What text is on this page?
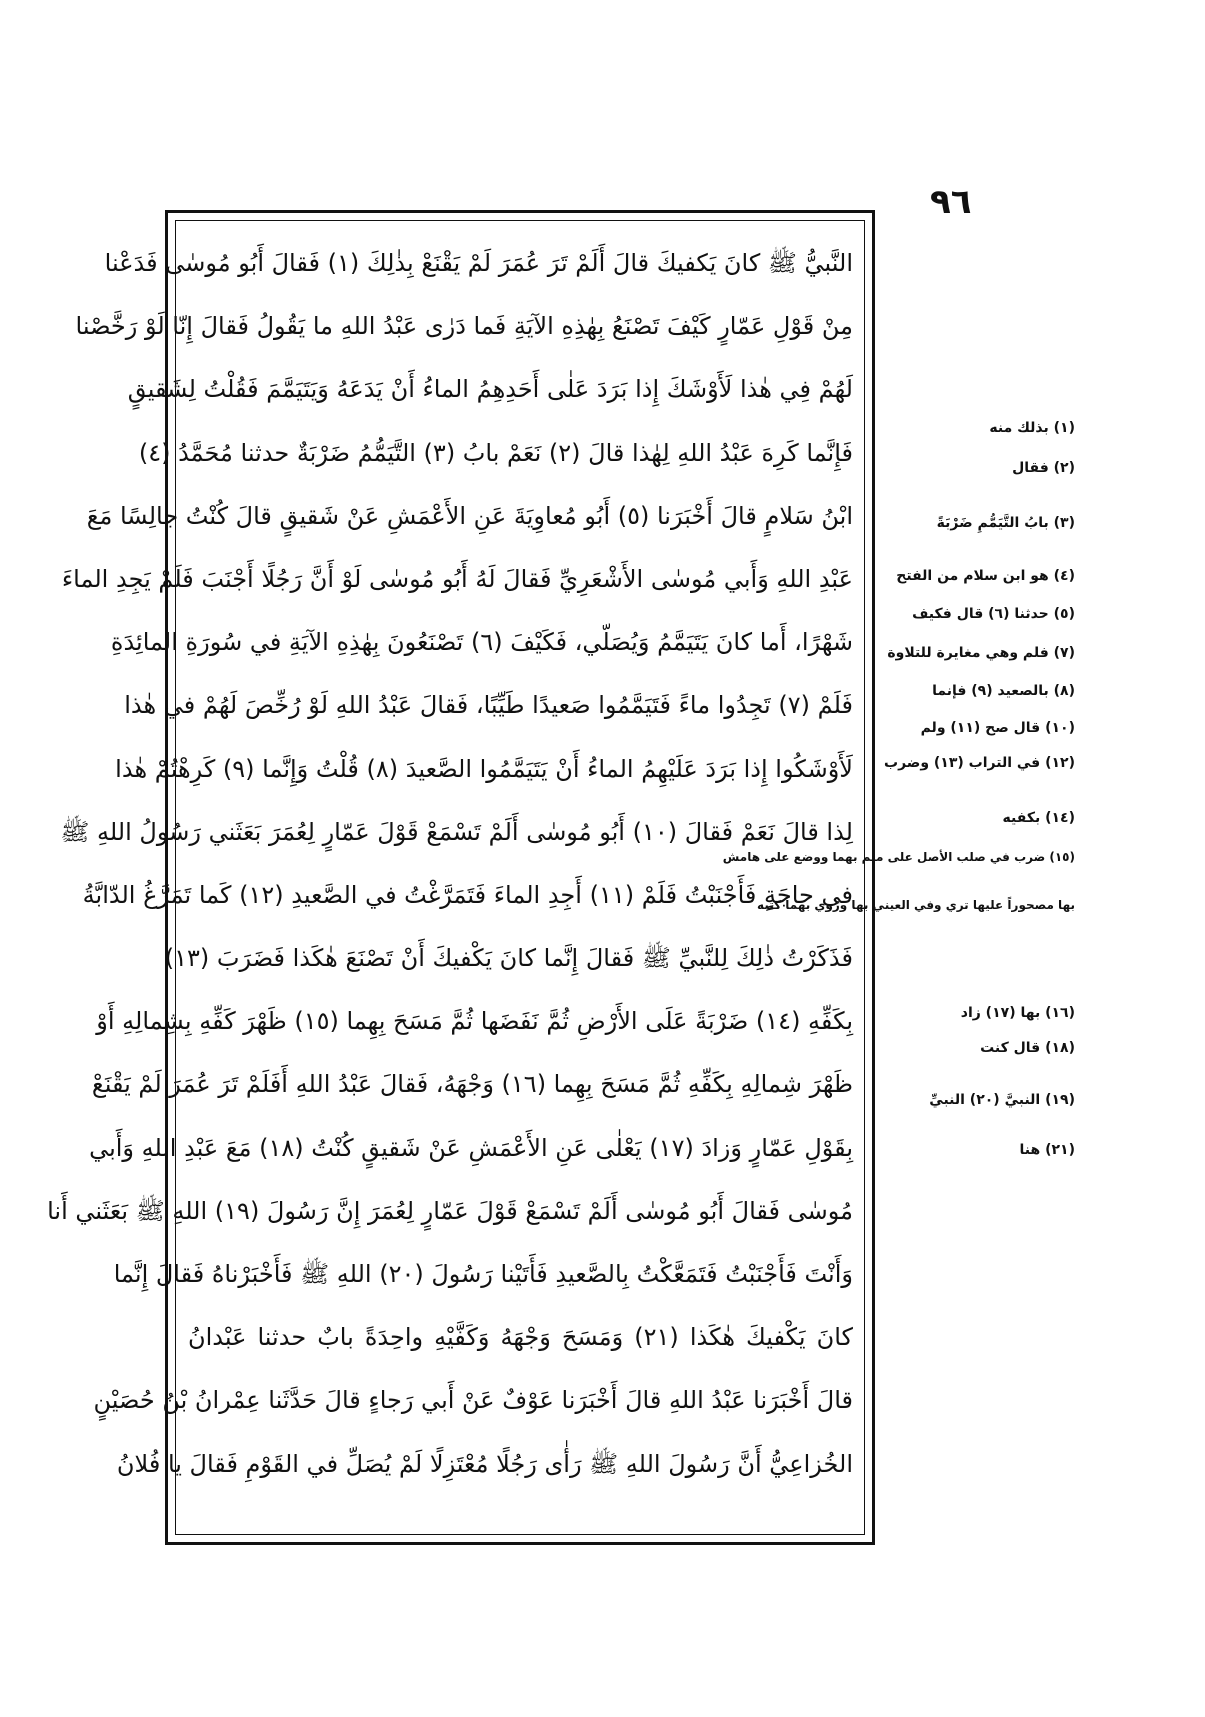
٩٦
النَّبيُّ ﷺ كانَ يَكفيكَ قالَ أَلَمْ تَرَ عُمَرَ لَمْ يَقْنَعْ بِذٰلِكَ (١) فَقالَ أَبُو مُوسٰى فَدَعْنا
مِنْ قَوْلِ عَمّارٍ كَيْفَ تَصْنَعُ بِهٰذِهِ الآيَةِ فَما دَرٰى عَبْدُ اللهِ ما يَقُولُ فَقالَ إِنّا لَوْ رَخَّصْنا
لَهُمْ فِي هٰذا لَأَوْشَكَ إِذا بَرَدَ عَلٰى أَحَدِهِمُ الماءُ أَنْ يَدَعَهُ وَيَتَيَمَّمَ فَقُلْتُ لِشَقيقٍ
فَإِنَّما كَرِهَ عَبْدُ اللهِ لِهٰذا قالَ (٢) نَعَمْ بابُ (٣) التَّيَمُّمُ ضَرْبَةٌ حدثنا مُحَمَّدُ (٤)
ابْنُ سَلامٍ قالَ أَخْبَرَنا (٥) أَبُو مُعاوِيَةَ عَنِ الأَعْمَشِ عَنْ شَقيقٍ قالَ كُنْتُ جالِسًا مَعَ
عَبْدِ اللهِ وَأَبي مُوسٰى الأَشْعَرِيِّ فَقالَ لَهُ أَبُو مُوسٰى لَوْ أَنَّ رَجُلًا أَجْنَبَ فَلَمْ يَجِدِ الماءَ
شَهْرًا، أَما كانَ يَتَيَمَّمُ وَيُصَلّي، فَكَيْفَ (٦) تَصْنَعُونَ بِهٰذِهِ الآيَةِ في سُورَةِ المائِدَةِ
فَلَمْ (٧) تَجِدُوا ماءً فَتَيَمَّمُوا صَعيدًا طَيِّبًا، فَقالَ عَبْدُ اللهِ لَوْ رُخِّصَ لَهُمْ في هٰذا
لَأَوْشَكُوا إِذا بَرَدَ عَلَيْهِمُ الماءُ أَنْ يَتَيَمَّمُوا الصَّعيدَ (٨) قُلْتُ وَإِنَّما (٩) كَرِهْتُمْ هٰذا
لِذا قالَ نَعَمْ فَقالَ (١٠) أَبُو مُوسٰى أَلَمْ تَسْمَعْ قَوْلَ عَمّارٍ لِعُمَرَ بَعَثَني رَسُولُ اللهِ ﷺ
في حاجَةٍ فَأَجْنَبْتُ فَلَمْ (١١) أَجِدِ الماءَ فَتَمَرَّغْتُ في الصَّعيدِ (١٢) كَما تَمَرَّغُ الدّابَّةُ
فَذَكَرْتُ ذٰلِكَ لِلنَّبيِّ ﷺ فَقالَ إِنَّما كانَ يَكْفيكَ أَنْ تَصْنَعَ هٰكَذا فَضَرَبَ (١٣)
بِكَفِّهِ (١٤) ضَرْبَةً عَلَى الأَرْضِ ثُمَّ نَفَضَها ثُمَّ مَسَحَ بِهِما (١٥) ظَهْرَ كَفِّهِ بِشِمالِهِ أَوْ
ظَهْرَ شِمالِهِ بِكَفِّهِ ثُمَّ مَسَحَ بِهِما (١٦) وَجْهَهُ، فَقالَ عَبْدُ اللهِ أَفَلَمْ تَرَ عُمَرَ لَمْ يَقْنَعْ
بِقَوْلِ عَمّارٍ وَزادَ (١٧) يَعْلٰى عَنِ الأَعْمَشِ عَنْ شَقيقٍ كُنْتُ (١٨) مَعَ عَبْدِ اللهِ وَأَبي
مُوسٰى فَقالَ أَبُو مُوسٰى أَلَمْ تَسْمَعْ قَوْلَ عَمّارٍ لِعُمَرَ إِنَّ رَسُولَ (١٩) اللهِ ﷺ بَعَثَني أَنا
وَأَنْتَ فَأَجْنَبْتُ فَتَمَعَّكْتُ بِالصَّعيدِ فَأَتَيْنا رَسُولَ (٢٠) اللهِ ﷺ فَأَخْبَرْناهُ فَقالَ إِنَّما
كانَ يَكْفيكَ هٰكَذا (٢١) وَمَسَحَ وَجْهَهُ وَكَفَّيْهِ واحِدَةً بابٌ حدثنا عَبْدانُ
قالَ أَخْبَرَنا عَبْدُ اللهِ قالَ أَخْبَرَنا عَوْفٌ عَنْ أَبي رَجاءٍ قالَ حَدَّثَنا عِمْرانُ بْنُ حُصَيْنٍ
الخُزاعِيُّ أَنَّ رَسُولَ اللهِ ﷺ رَأٰى رَجُلًا مُعْتَزِلًا لَمْ يُصَلِّ في القَوْمِ فَقالَ يا فُلانُ
(١) بذلك منه
(٢) فقال
(٣) بابُ التَّيَمُّمِ ضَرْبَةً
(٤) هو ابن سلام من الفتح
(٥) حدثنا (٦) قال فكيف
(٧) فلم وهي مغايرة للتلاوة
(٨) بالصعيد (٩) فإنما
(١٠) قال صح (١١) ولم
(١٢) في التراب (١٣) وضرب
(١٤) بكفيه
(١٥) ضرب في صلب الأصل على ميم بهما ووضع على هامش
بها مصحوراً عليها تري وفي العيني بها ورُوي بهما كتبه
(١٦) بها (١٧) زاد
(١٨) قال كنت
(١٩) النبيَّ (٢٠) النبيِّ
(٢١) هنا
